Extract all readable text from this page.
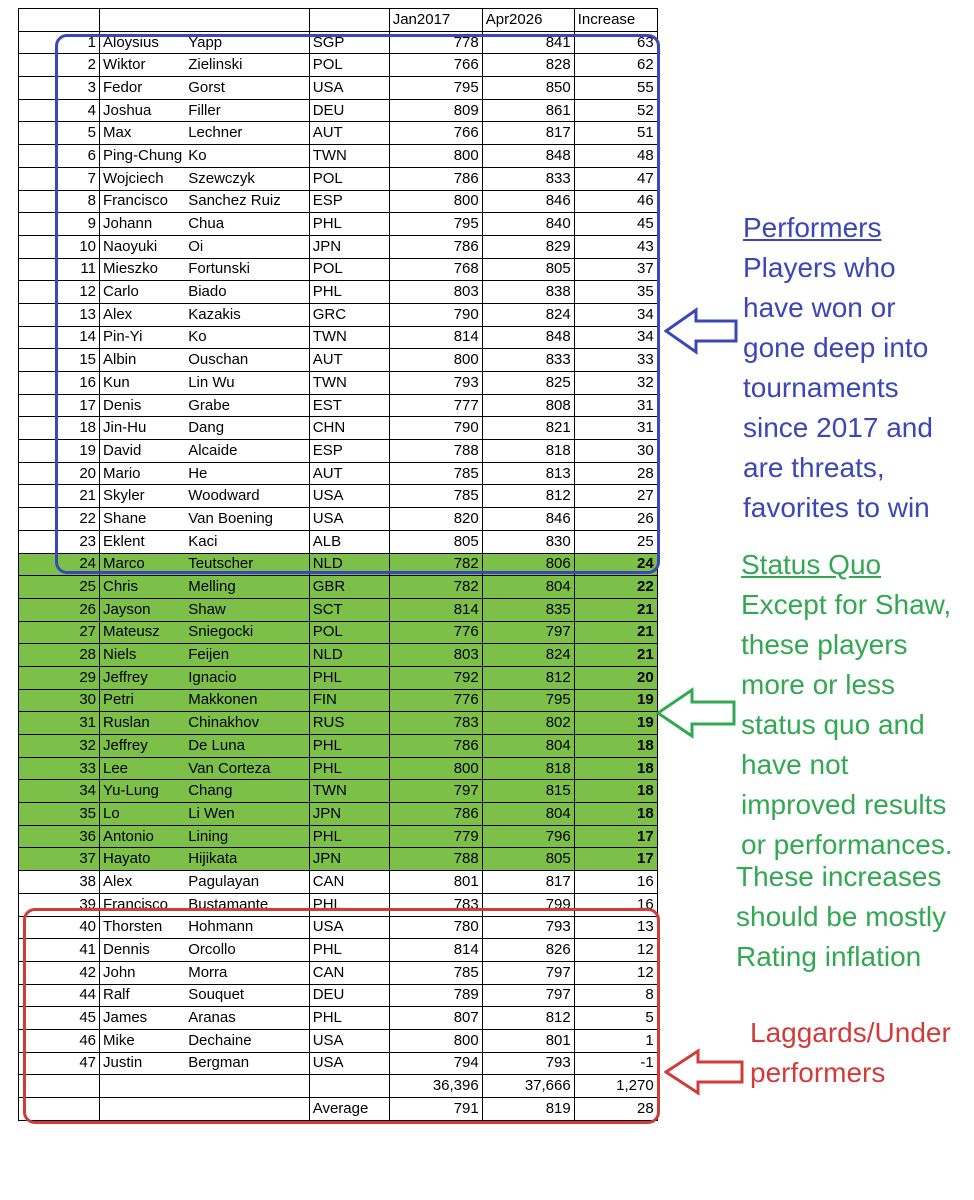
				Jan2017	Apr2026	Increase
1	Aloysius	Yapp	SGP	778	841	63
2	Wiktor	Zielinski	POL	766	828	62
3	Fedor	Gorst	USA	795	850	55
4	Joshua	Filler	DEU	809	861	52
5	Max	Lechner	AUT	766	817	51
6	Ping-Chung	Ko	TWN	800	848	48
7	Wojciech	Szewczyk	POL	786	833	47
8	Francisco	Sanchez Ruiz	ESP	800	846	46
9	Johann	Chua	PHL	795	840	45
10	Naoyuki	Oi	JPN	786	829	43
11	Mieszko	Fortunski	POL	768	805	37
12	Carlo	Biado	PHL	803	838	35
13	Alex	Kazakis	GRC	790	824	34
14	Pin-Yi	Ko	TWN	814	848	34
15	Albin	Ouschan	AUT	800	833	33
16	Kun	Lin Wu	TWN	793	825	32
17	Denis	Grabe	EST	777	808	31
18	Jin-Hu	Dang	CHN	790	821	31
19	David	Alcaide	ESP	788	818	30
20	Mario	He	AUT	785	813	28
21	Skyler	Woodward	USA	785	812	27
22	Shane	Van Boening	USA	820	846	26
23	Eklent	Kaci	ALB	805	830	25
24	Marco	Teutscher	NLD	782	806	24
25	Chris	Melling	GBR	782	804	22
26	Jayson	Shaw	SCT	814	835	21
27	Mateusz	Sniegocki	POL	776	797	21
28	Niels	Feijen	NLD	803	824	21
29	Jeffrey	Ignacio	PHL	792	812	20
30	Petri	Makkonen	FIN	776	795	19
31	Ruslan	Chinakhov	RUS	783	802	19
32	Jeffrey	De Luna	PHL	786	804	18
33	Lee	Van Corteza	PHL	800	818	18
34	Yu-Lung	Chang	TWN	797	815	18
35	Lo	Li Wen	JPN	786	804	18
36	Antonio	Lining	PHL	779	796	17
37	Hayato	Hijikata	JPN	788	805	17
38	Alex	Pagulayan	CAN	801	817	16
39	Francisco	Bustamante	PHL	783	799	16
40	Thorsten	Hohmann	USA	780	793	13
41	Dennis	Orcollo	PHL	814	826	12
42	John	Morra	CAN	785	797	12
44	Ralf	Souquet	DEU	789	797	8
45	James	Aranas	PHL	807	812	5
46	Mike	Dechaine	USA	800	801	1
47	Justin	Bergman	USA	794	793	-1
				36,396	37,666	1,270
			Average	791	819	28
Performers
Players who
have won or
gone deep into
tournaments
since 2017 and
are threats,
favorites to win
Status Quo
Except for Shaw,
these players
more or less
status quo and
have not
improved results
or performances.
These increases
should be mostly
Rating inflation
Laggards/Under
performers
